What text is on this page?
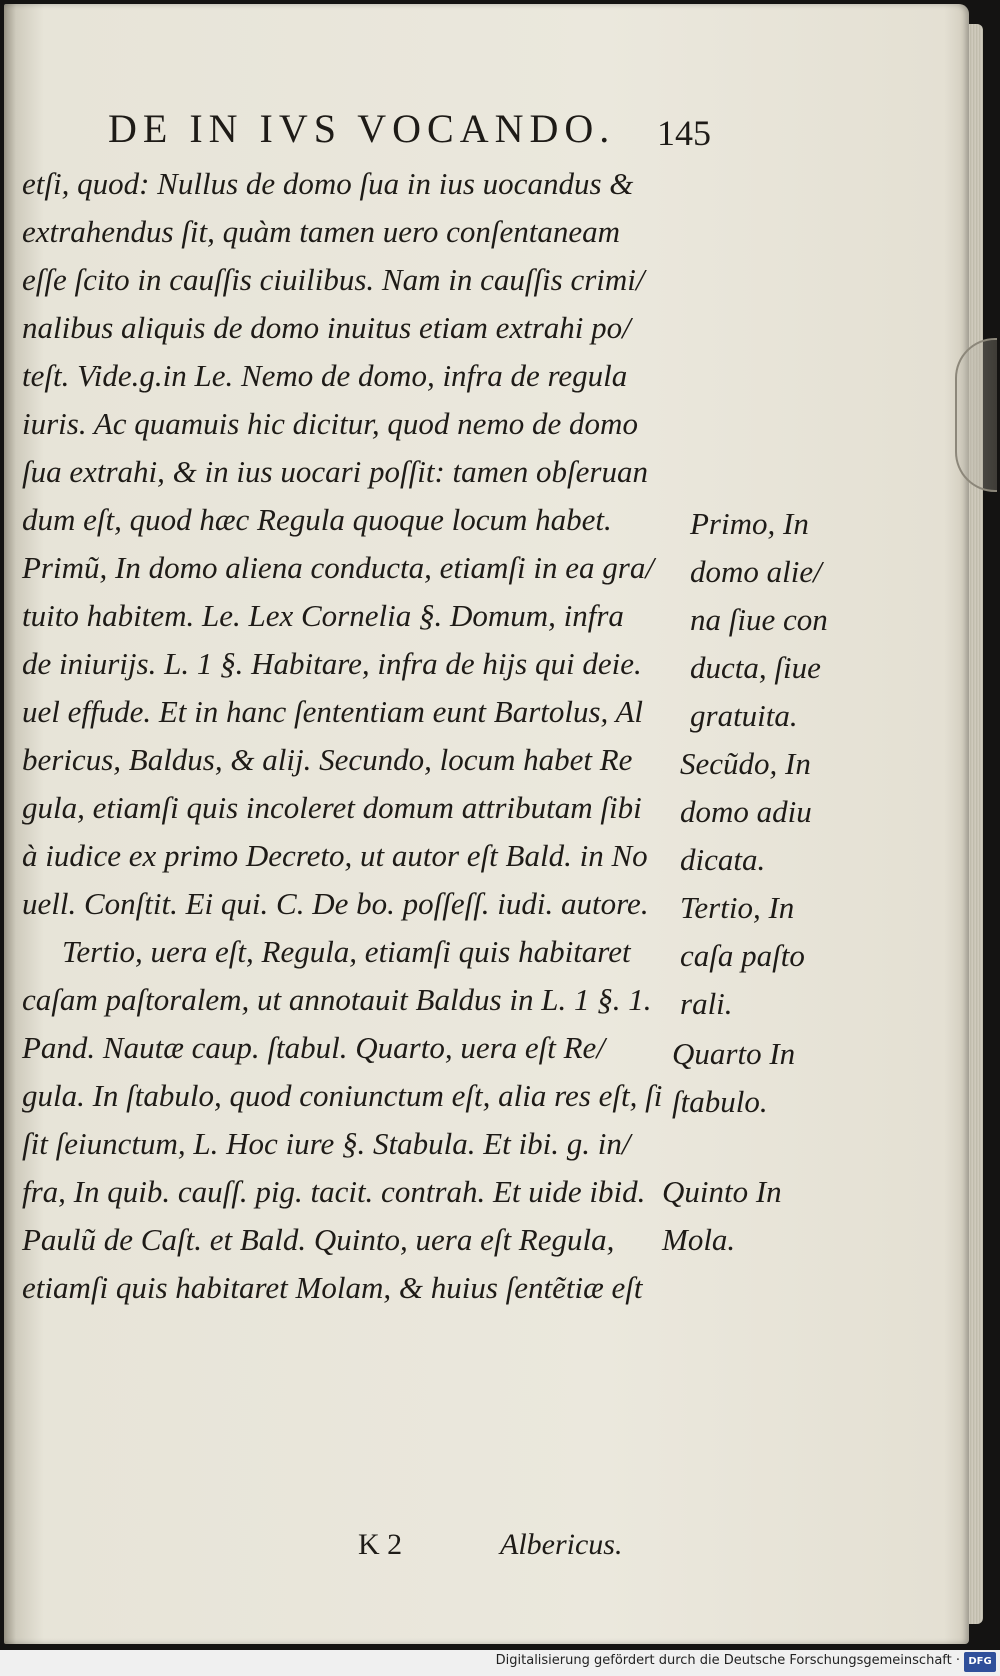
DE IN IVS VOCANDO.	145
etſi, quod: Nullus de domo ſua in ius uocandus &
extrahendus ſit, quàm tamen uero conſentaneam
eſſe ſcito in cauſſis ciuilibus. Nam in cauſſis crimi/
nalibus aliquis de domo inuitus etiam extrahi po/
teſt. Vide.g.in Le. Nemo de domo, infra de regula
iuris. Ac quamuis hic dicitur, quod nemo de domo
ſua extrahi, & in ius uocari poſſit: tamen obſeruan
dum eſt, quod hæc Regula quoque locum habet.
Primũ, In domo aliena conducta, etiamſi in ea gra/
tuito habitem. Le. Lex Cornelia §. Domum, infra
de iniurijs. L. 1 §. Habitare, infra de hijs qui deie.
uel effude. Et in hanc ſententiam eunt Bartolus, Al
bericus, Baldus, & alij. Secundo, locum habet Re
gula, etiamſi quis incoleret domum attributam ſibi
à iudice ex primo Decreto, ut autor eſt Bald. in No
uell. Conſtit. Ei qui. C. De bo. poſſeſſ. iudi. autore.
Tertio, uera eſt, Regula, etiamſi quis habitaret
caſam paſtoralem, ut annotauit Baldus in L. 1 §. 1.
Pand. Nautæ caup. ſtabul. Quarto, uera eſt Re/
gula. In ſtabulo, quod coniunctum eſt, alia res eſt, ſi
ſit ſeiunctum, L. Hoc iure §. Stabula. Et ibi. g. in/
fra, In quib. cauſſ. pig. tacit. contrah. Et uide ibid.
Paulũ de Caſt. et Bald. Quinto, uera eſt Regula,
etiamſi quis habitaret Molam, & huius ſentẽtiæ eſt
Primo, In
domo alie/
na ſiue con
ducta, ſiue
gratuita.
Secũdo, In
domo adiu
dicata.
Tertio, In
caſa paſto
rali.
Quarto In
ſtabulo.
Quinto In
Mola.
K 2	Albericus.
Digitalisierung gefördert durch die Deutsche Forschungsgemeinschaft · DFG
